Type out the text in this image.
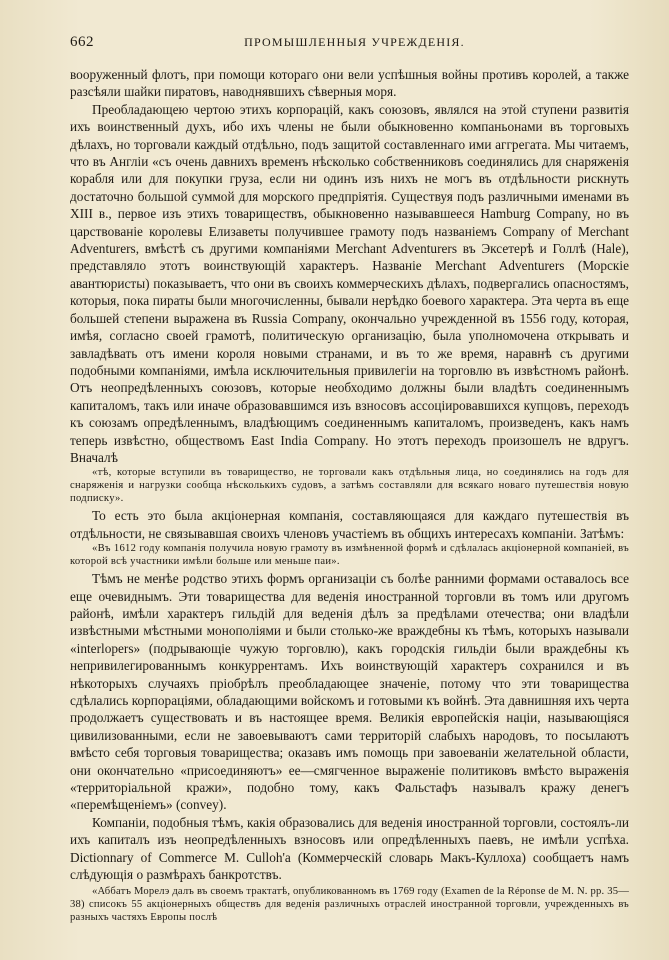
662	ПРОМЫШЛЕННЫЯ УЧРЕЖДЕНІЯ.

вооруженный флотъ, при помощи котораго они вели успѣшныя войны противъ королей, а также разсѣяли шайки пиратовъ, наводнявшихъ сѣверныя моря.

Преобладающею чертою этихъ корпорацій, какъ союзовъ, являлся на этой ступени развитія ихъ воинственный духъ, ибо ихъ члены не были обыкновенно компаньонами въ торговыхъ дѣлахъ, но торговали каждый отдѣльно, подъ защитой составленнаго ими аггрегата. Мы читаемъ, что въ Англіи «съ очень давнихъ временъ нѣсколько собственниковъ соединялись для снаряженія корабля или для покупки груза, если ни одинъ изъ нихъ не могъ въ отдѣльности рискнуть достаточно большой суммой для морского предпріятія. Существуя подъ различными именами въ XIII в., первое изъ этихъ товариществъ, обыкновенно называвшееся Hamburg Company, но въ царствованіе королевы Елизаветы получившее грамоту подъ названіемъ Company of Merchant Adventurers, вмѣстѣ съ другими компаніями Merchant Adventurers въ Эксетерѣ и Голлѣ (Hale), представляло этотъ воинствующій характеръ. Названіе Merchant Adventurers (Морскіе авантюристы) показываетъ, что они въ своихъ коммерческихъ дѣлахъ, подвергались опасностямъ, которыя, пока пираты были многочисленны, бывали нерѣдко боевого характера. Эта черта въ еще большей степени выражена въ Russia Company, окончально учрежденной въ 1556 году, которая, имѣя, согласно своей грамотѣ, политическую организацію, была уполномочена открывать и завладѣвать отъ имени короля новыми странами, и въ то же время, наравнѣ съ другими подобными компаніями, имѣла исключительныя привилегіи на торговлю въ извѣстномъ районѣ. Отъ неопредѣленныхъ союзовъ, которые необходимо должны были владѣть соединеннымъ капиталомъ, такъ или иначе образовавшимся изъ взносовъ ассоціировавшихся купцовъ, переходъ къ союзамъ опредѣленнымъ, владѣющимъ соединеннымъ капиталомъ, произведенъ, какъ намъ теперь извѣстно, обществомъ East India Company. Но этотъ переходъ произошелъ не вдругъ. Вначалѣ

«тѣ, которые вступили въ товарищество, не торговали какъ отдѣльныя лица, но соединялись на годъ для снаряженія и нагрузки сообща нѣсколькихъ судовъ, а затѣмъ составляли для всякаго новаго путешествія новую подписку».

То есть это была акціонерная компанія, составляющаяся для каждаго путешествія въ отдѣльности, не связывавшая своихъ членовъ участіемъ въ общихъ интересахъ компаніи. Затѣмъ:

«Въ 1612 году компанія получила новую грамоту въ измѣненной формѣ и сдѣлалась акціонерной компаніей, въ которой всѣ участники имѣли больше или меньше паи».

Тѣмъ не менѣе родство этихъ формъ организаціи съ болѣе ранними формами оставалось все еще очевиднымъ. Эти товарищества для веденія иностранной торговли въ томъ или другомъ районѣ, имѣли характеръ гильдій для веденія дѣлъ за предѣлами отечества; они владѣли извѣстными мѣстными монополіями и были столько-же враждебны къ тѣмъ, которыхъ называли «interlopers» (подрывающіе чужую торговлю), какъ городскія гильдіи были враждебны къ непривилегированнымъ конкуррентамъ. Ихъ воинствующій характеръ сохранился и въ нѣкоторыхъ случаяхъ пріобрѣлъ преобладающее значеніе, потому что эти товарищества сдѣлались корпораціями, обладающими войскомъ и готовыми къ войнѣ. Эта давнишняя ихъ черта продолжаетъ существовать и въ настоящее время. Великія европейскія націи, называющіяся цивилизованными, если не завоевываютъ сами территорій слабыхъ народовъ, то посылаютъ вмѣсто себя торговыя товарищества; оказавъ имъ помощь при завоеваніи желательной области, они окончательно «присоединяютъ» ее—смягченное выраженіе политиковъ вмѣсто выраженія «территоріальной кражи», подобно тому, какъ Фальстафъ называлъ кражу денегъ «перемѣщеніемъ» (convey).

Компаніи, подобныя тѣмъ, какія образовались для веденія иностранной торговли, состоялъ-ли ихъ капиталъ изъ неопредѣленныхъ взносовъ или опредѣленныхъ паевъ, не имѣли успѣха. Dictionnary of Commerce M. Culloh'a (Коммерческій словарь Макъ-Куллоха) сообщаетъ намъ слѣдующія о размѣрахъ банкротствъ.

«Аббатъ Морелэ далъ въ своемъ трактатѣ, опубликованномъ въ 1769 году (Examen de la Réponse de M. N. pp. 35—38) списокъ 55 акціонерныхъ обществъ для веденія различныхъ отраслей иностранной торговли, учрежденныхъ въ разныхъ частяхъ Европы послѣ
